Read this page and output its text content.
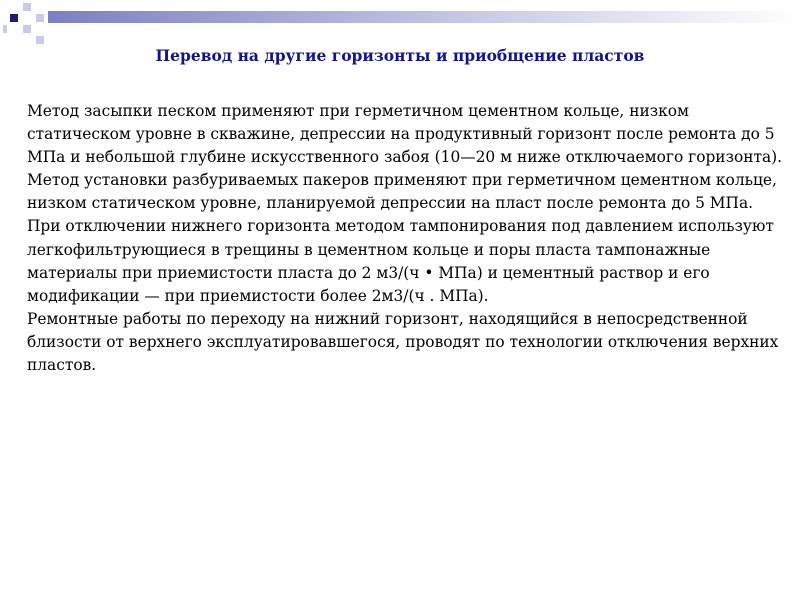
Перевод на другие горизонты и приобщение пластов

Метод засыпки песком применяют при герметичном цементном кольце, низком статическом уровне в скважине, депрессии на продуктивный горизонт после ремонта до 5 МПа и небольшой глубине искусственного забоя (10—20 м ниже отключаемого горизонта).

Метод установки разбуриваемых пакеров применяют при герметичном цементном кольце, низком статическом уровне, планируемой депрессии на пласт после ремонта до 5 МПа.

При отключении нижнего горизонта методом тампонирования под давлением используют легкофильтрующиеся в трещины в цементном кольце и поры пласта тампонажные материалы при приемистости пласта до 2 м3/(ч • МПа) и цементный раствор и его модификации — при приемистости более 2м3/(ч . МПа).

Ремонтные работы по переходу на нижний горизонт, находящийся в непосредственной близости от верхнего эксплуатировавшегося, проводят по технологии отключения верхних пластов.
